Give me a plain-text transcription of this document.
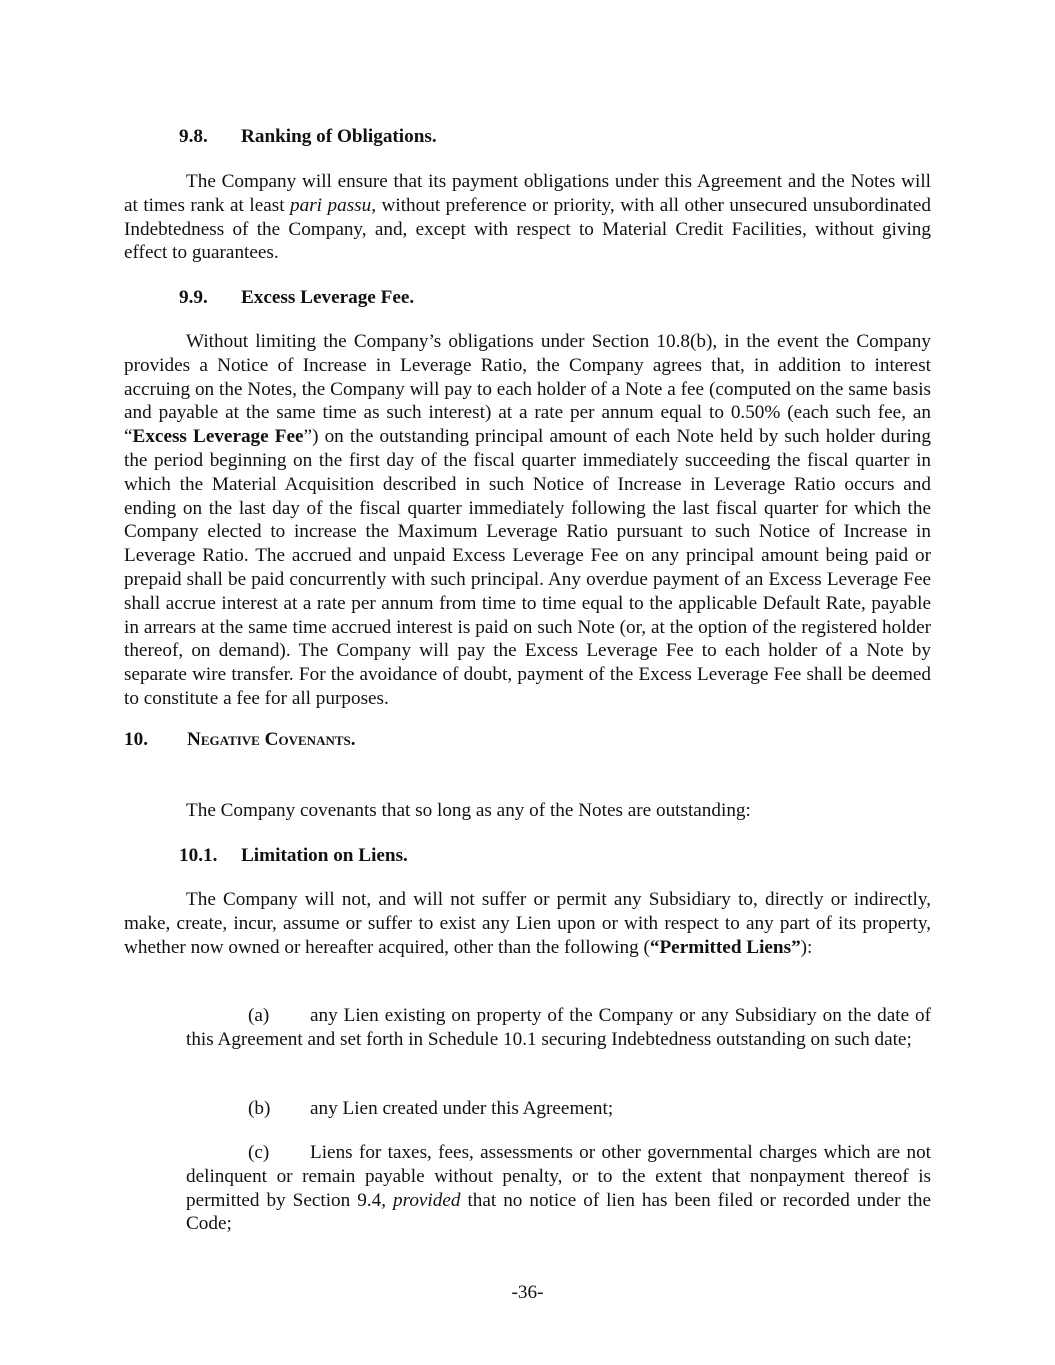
9.8. Ranking of Obligations.

The Company will ensure that its payment obligations under this Agreement and the Notes will at times rank at least pari passu, without preference or priority, with all other unsecured unsubordinated Indebtedness of the Company, and, except with respect to Material Credit Facilities, without giving effect to guarantees.

9.9. Excess Leverage Fee.

Without limiting the Company’s obligations under Section 10.8(b), in the event the Company provides a Notice of Increase in Leverage Ratio, the Company agrees that, in addition to interest accruing on the Notes, the Company will pay to each holder of a Note a fee (computed on the same basis and payable at the same time as such interest) at a rate per annum equal to 0.50% (each such fee, an “Excess Leverage Fee”) on the outstanding principal amount of each Note held by such holder during the period beginning on the first day of the fiscal quarter immediately succeeding the fiscal quarter in which the Material Acquisition described in such Notice of Increase in Leverage Ratio occurs and ending on the last day of the fiscal quarter immediately following the last fiscal quarter for which the Company elected to increase the Maximum Leverage Ratio pursuant to such Notice of Increase in Leverage Ratio. The accrued and unpaid Excess Leverage Fee on any principal amount being paid or prepaid shall be paid concurrently with such principal. Any overdue payment of an Excess Leverage Fee shall accrue interest at a rate per annum from time to time equal to the applicable Default Rate, payable in arrears at the same time accrued interest is paid on such Note (or, at the option of the registered holder thereof, on demand). The Company will pay the Excess Leverage Fee to each holder of a Note by separate wire transfer. For the avoidance of doubt, payment of the Excess Leverage Fee shall be deemed to constitute a fee for all purposes.

10. Negative Covenants.
The Company covenants that so long as any of the Notes are outstanding:
10.1. Limitation on Liens.

The Company will not, and will not suffer or permit any Subsidiary to, directly or indirectly, make, create, incur, assume or suffer to exist any Lien upon or with respect to any part of its property, whether now owned or hereafter acquired, other than the following (“Permitted Liens”):

(a) any Lien existing on property of the Company or any Subsidiary on the date of this Agreement and set forth in Schedule 10.1 securing Indebtedness outstanding on such date;

(b) any Lien created under this Agreement;

(c) Liens for taxes, fees, assessments or other governmental charges which are not delinquent or remain payable without penalty, or to the extent that nonpayment thereof is permitted by Section 9.4, provided that no notice of lien has been filed or recorded under the Code;

-36-
